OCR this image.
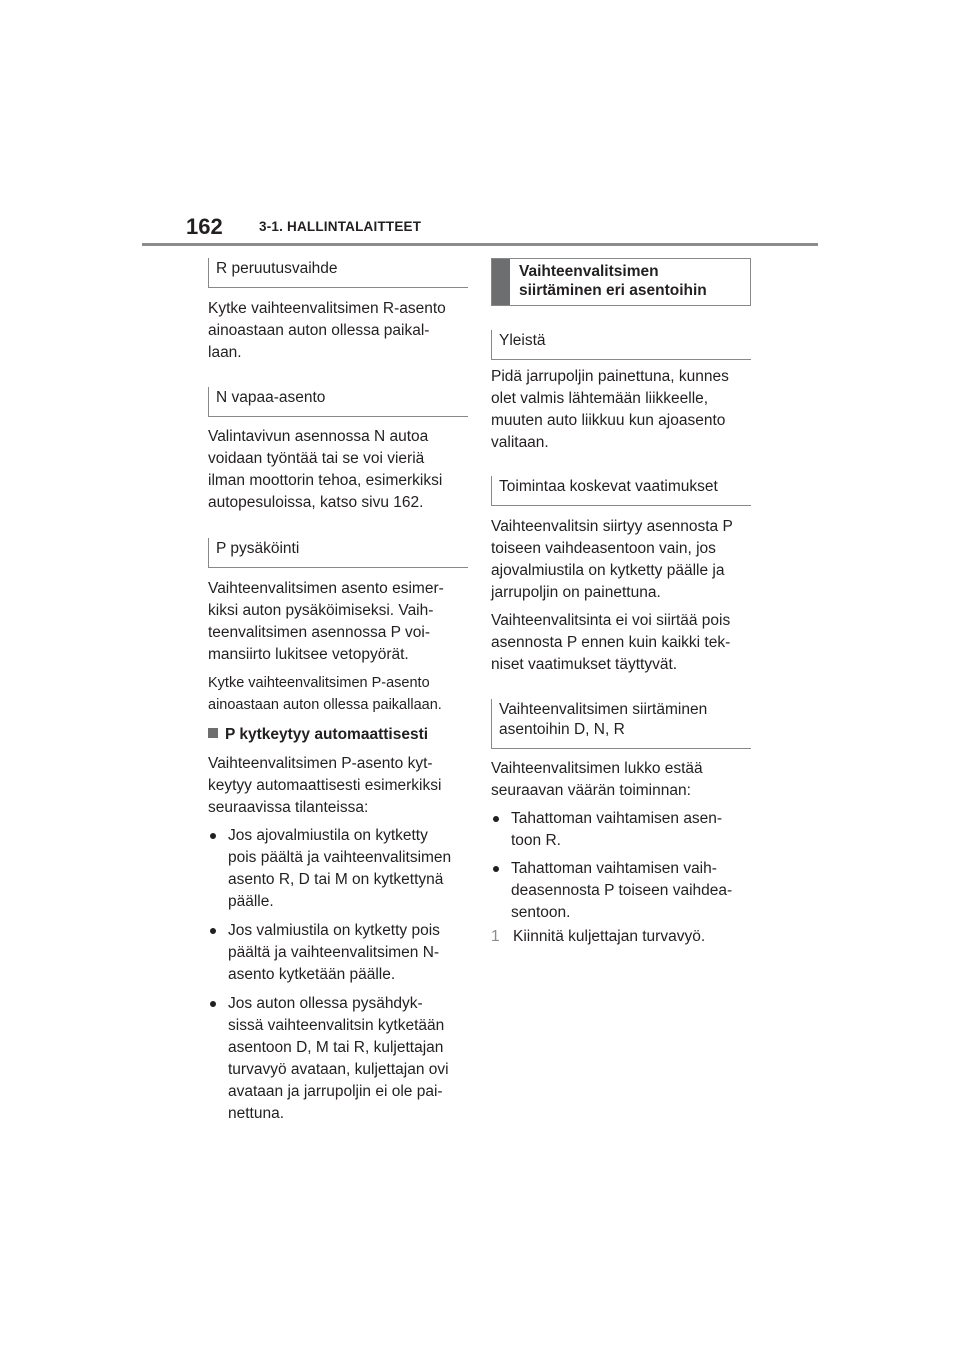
162	3-1. HALLINTALAITTEET
R peruutusvaihde

Kytke vaihteenvalitsimen R-asento
ainoastaan auton ollessa paikal-
laan.

N vapaa-asento

Valintavivun asennossa N autoa
voidaan työntää tai se voi vieriä
ilman moottorin tehoa, esimerkiksi
autopesuloissa, katso sivu 162.

P pysäköinti

Vaihteenvalitsimen asento esimer-
kiksi auton pysäköimiseksi. Vaih-
teenvalitsimen asennossa P voi-
mansiirto lukitsee vetopyörät.

Kytke vaihteenvalitsimen P-asento
ainoastaan auton ollessa paikallaan.

P kytkeytyy automaattisesti

Vaihteenvalitsimen P-asento kyt-
keytyy automaattisesti esimerkiksi
seuraavissa tilanteissa:

Jos ajovalmiustila on kytketty
pois päältä ja vaihteenvalitsimen
asento R, D tai M on kytkettynä
päälle.
Jos valmiustila on kytketty pois
päältä ja vaihteenvalitsimen N-
asento kytketään päälle.
Jos auton ollessa pysähdyk-
sissä vaihteenvalitsin kytketään
asentoon D, M tai R, kuljettajan
turvavyö avataan, kuljettajan ovi
avataan ja jarrupoljin ei ole pai-
nettuna.
Vaihteenvalitsimen
siirtäminen eri asentoihin
Yleistä

Pidä jarrupoljin painettuna, kunnes
olet valmis lähtemään liikkeelle,
muuten auto liikkuu kun ajoasento
valitaan.

Toimintaa koskevat vaatimukset

Vaihteenvalitsin siirtyy asennosta P
toiseen vaihdeasentoon vain, jos
ajovalmiustila on kytketty päälle ja
jarrupoljin on painettuna.

Vaihteenvalitsinta ei voi siirtää pois
asennosta P ennen kuin kaikki tek-
niset vaatimukset täyttyvät.

Vaihteenvalitsimen siirtäminen
asentoihin D, N, R

Vaihteenvalitsimen lukko estää
seuraavan väärän toiminnan:

Tahattoman vaihtamisen asen-
toon R.
Tahattoman vaihtamisen vaih-
deasennosta P toiseen vaihdea-
sentoon.
1 Kiinnitä kuljettajan turvavyö.
